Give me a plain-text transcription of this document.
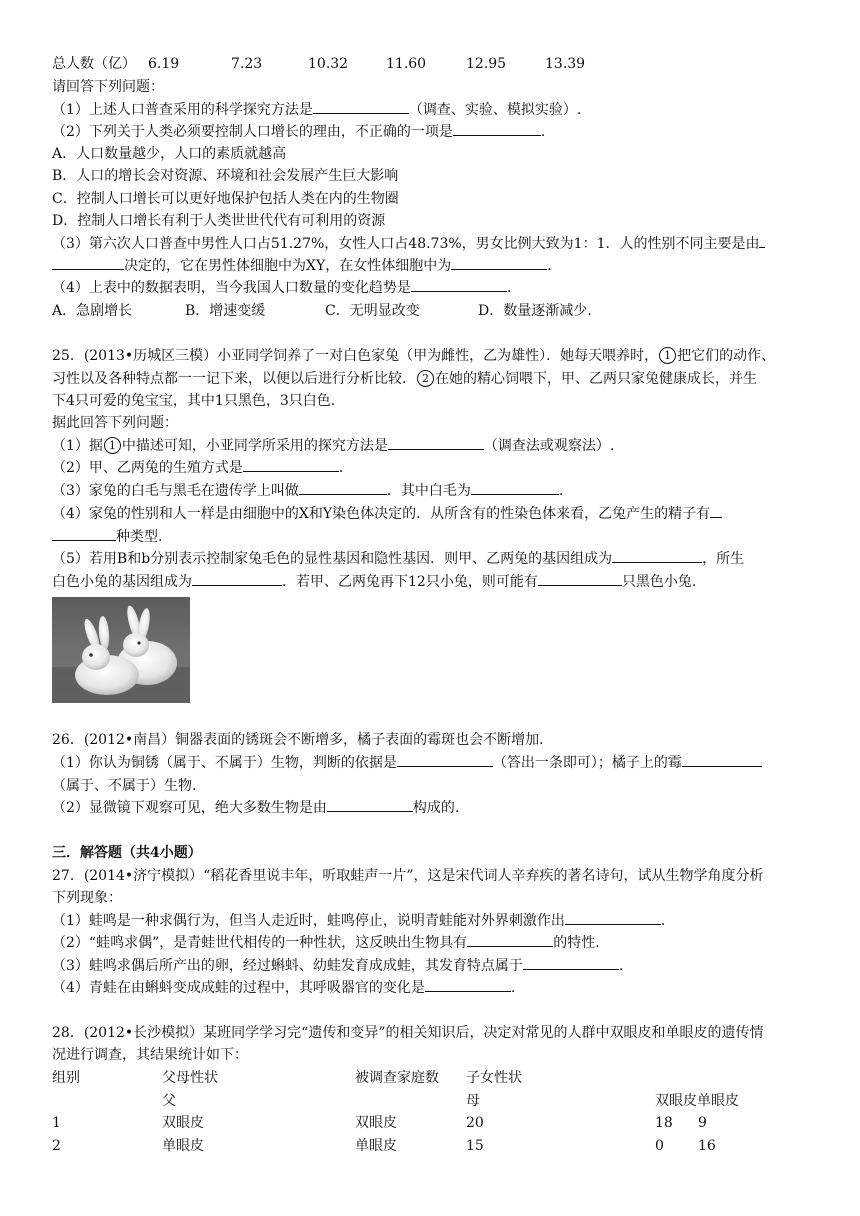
总人数（亿） 6.19	7.23	10.32	11.60	12.95	13.39
请回答下列问题：
（1）上述人口普查采用的科学探究方法是	（调查、实验、模拟实验）.
（2）下列关于人类必须要控制人口增长的理由，不正确的一项是	.
A．人口数量越少，人口的素质就越高
B．人口的增长会对资源、环境和社会发展产生巨大影响
C．控制人口增长可以更好地保护包括人类在内的生物圈
D．控制人口增长有利于人类世世代代有可利用的资源
（3）第六次人口普查中男性人口占51.27%，女性人口占48.73%，男女比例大致为1：1．人的性别不同主要是由
决定的，它在男性体细胞中为XY，在女性体细胞中为	.
（4）上表中的数据表明，当今我国人口数量的变化趋势是	.
A．急剧增长	B．增速变缓	C．无明显改变	D．数量逐渐减少.
25．(2013•历城区三模）小亚同学饲养了一对白色家兔（甲为雌性，乙为雄性）．她每天喂养时， 1 把它们的动作、
习性以及各种特点都一一记下来，以便以后进行分析比较． 2 在她的精心饲喂下，甲、乙两只家兔健康成长，并生
下4只可爱的兔宝宝，其中1只黑色，3只白色．
据此回答下列问题：
（1）据 1 中描述可知，小亚同学所采用的探究方法是	（调查法或观察法）.
（2）甲、乙两兔的生殖方式是	.
（3）家兔的白毛与黑毛在遗传学上叫做	．其中白毛为	.
（4）家兔的性别和人一样是由细胞中的X和Y染色体决定的．从所含有的性染色体来看，乙兔产生的精子有
种类型.
（5）若用B和b分别表示控制家兔毛色的显性基因和隐性基因．则甲、乙两兔的基因组成为	，所生
白色小兔的基因组成为	．若甲、乙两兔再下12只小兔，则可能有	只黑色小兔.
26．(2012•南昌）铜器表面的锈斑会不断增多，橘子表面的霉斑也会不断增加．
（1）你认为铜锈（属于、不属于）生物，判断的依据是	（答出一条即可）；橘子上的霉
（属于、不属于）生物.
（2）显微镜下观察可见，绝大多数生物是由	构成的.
三．解答题（共4小题）
27．(2014•济宁模拟）“稻花香里说丰年，听取蛙声一片”，这是宋代词人辛弃疾的著名诗句，试从生物学角度分析
下列现象：
（1）蛙鸣是一种求偶行为，但当人走近时，蛙鸣停止，说明青蛙能对外界刺激作出	.
（2）“蛙鸣求偶”，是青蛙世代相传的一种性状，这反映出生物具有	的特性.
（3）蛙鸣求偶后所产出的卵，经过蝌蚪、幼蛙发育成成蛙，其发育特点属于	.
（4）青蛙在由蝌蚪变成成蛙的过程中，其呼吸器官的变化是	.
28．(2012•长沙模拟）某班同学学习完“遗传和变异”的相关知识后，决定对常见的人群中双眼皮和单眼皮的遗传情
况进行调查，其结果统计如下：
组别	父母性状	被调查家庭数 子女性状
父	母	双眼皮单眼皮
1	双眼皮	双眼皮	20	18 9
2	单眼皮	单眼皮	15	0 16
